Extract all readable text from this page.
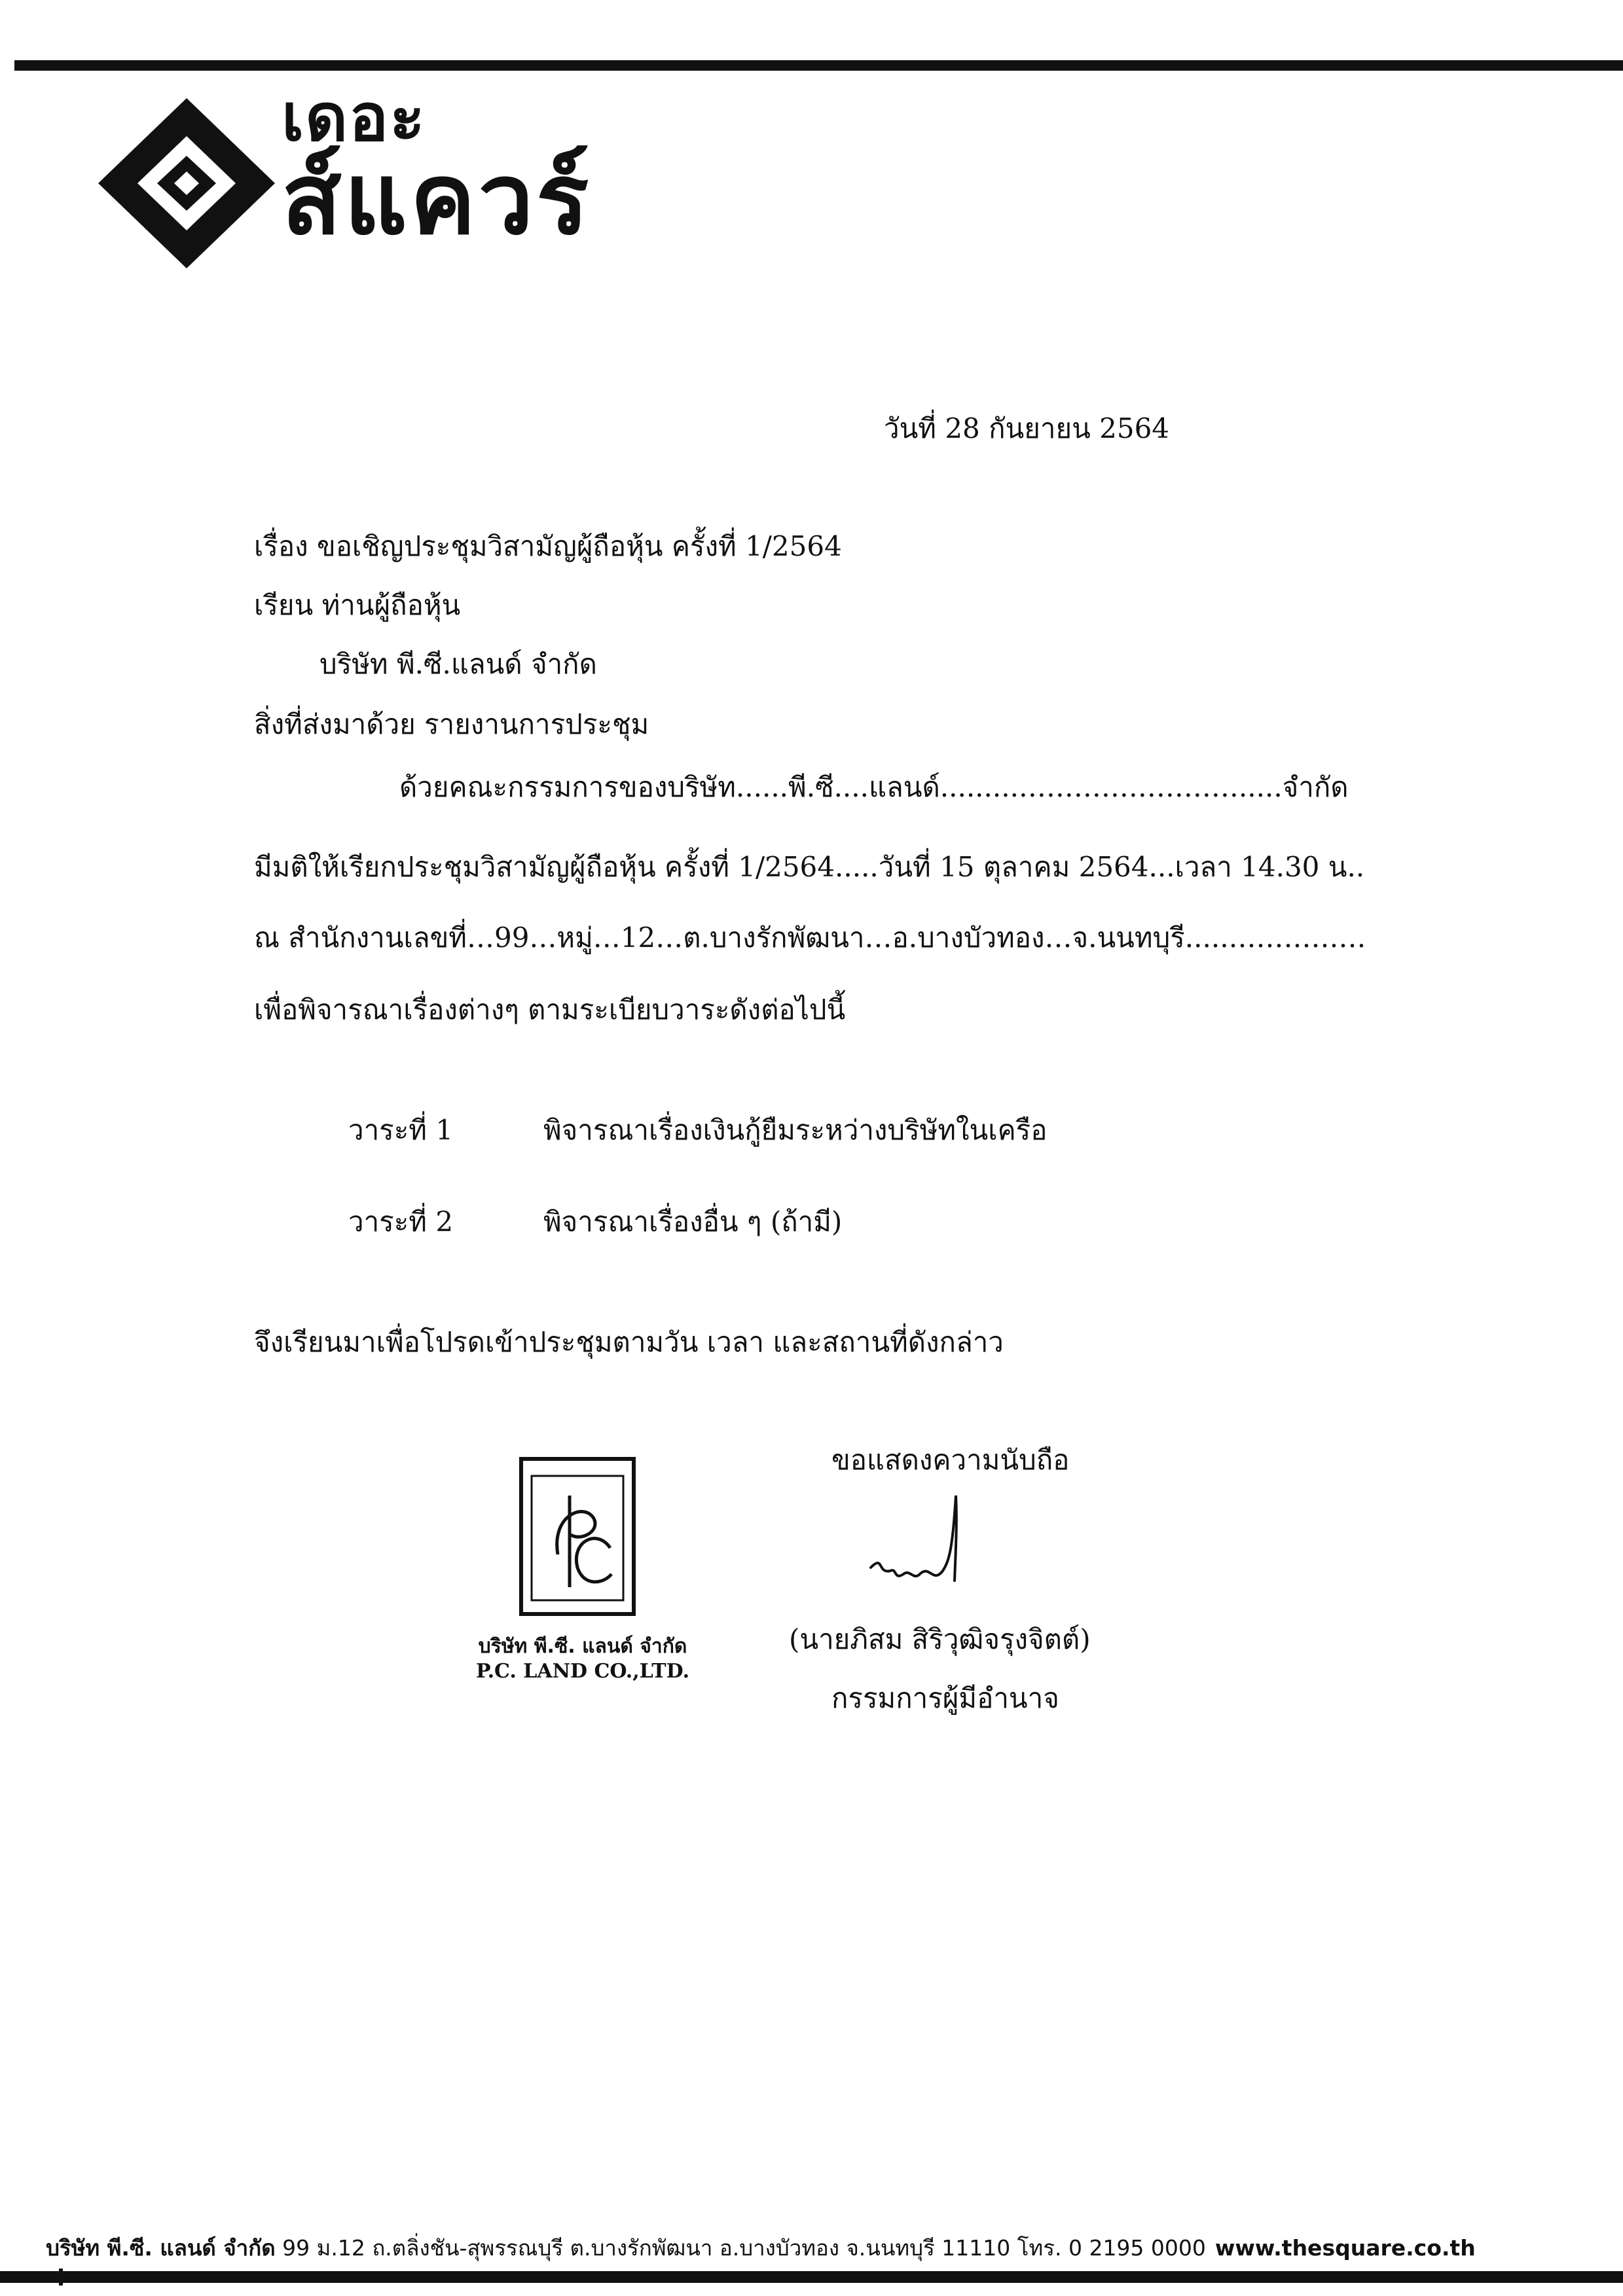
เดอะ
ส์แควร์
วันที่ 28 กันยายน 2564
เรื่อง ขอเชิญประชุมวิสามัญผู้ถือหุ้น ครั้งที่ 1/2564
เรียน ท่านผู้ถือหุ้น
บริษัท พี.ซี.แลนด์ จำกัด
สิ่งที่ส่งมาด้วย รายงานการประชุม
ด้วยคณะกรรมการของบริษัท......พี.ซี....แลนด์.........…………………….....จำกัด
มีมติให้เรียกประชุมวิสามัญผู้ถือหุ้น ครั้งที่ 1/2564.....วันที่ 15 ตุลาคม 2564...เวลา 14.30 น..
ณ สำนักงานเลขที่…99…หมู่…12…ต.บางรักพัฒนา…อ.บางบัวทอง…จ.นนทบุรี.....……………
เพื่อพิจารณาเรื่องต่างๆ ตามระเบียบวาระดังต่อไปนี้
วาระที่ 1	พิจารณาเรื่องเงินกู้ยืมระหว่างบริษัทในเครือ
วาระที่ 2	พิจารณาเรื่องอื่น ๆ (ถ้ามี)
จึงเรียนมาเพื่อโปรดเข้าประชุมตามวัน เวลา และสถานที่ดังกล่าว
ขอแสดงความนับถือ
บริษัท พี.ซี. แลนด์ จำกัด
P.C. LAND CO.,LTD.
(นายภิสม สิริวุฒิจรุงจิตต์)
กรรมการผู้มีอำนาจ
บริษัท พี.ซี. แลนด์ จำกัด 99 ม.12 ถ.ตลิ่งชัน-สุพรรณบุรี ต.บางรักพัฒนา อ.บางบัวทอง จ.นนทบุรี 11110 โทร. 0 2195 0000 www.thesquare.co.th
